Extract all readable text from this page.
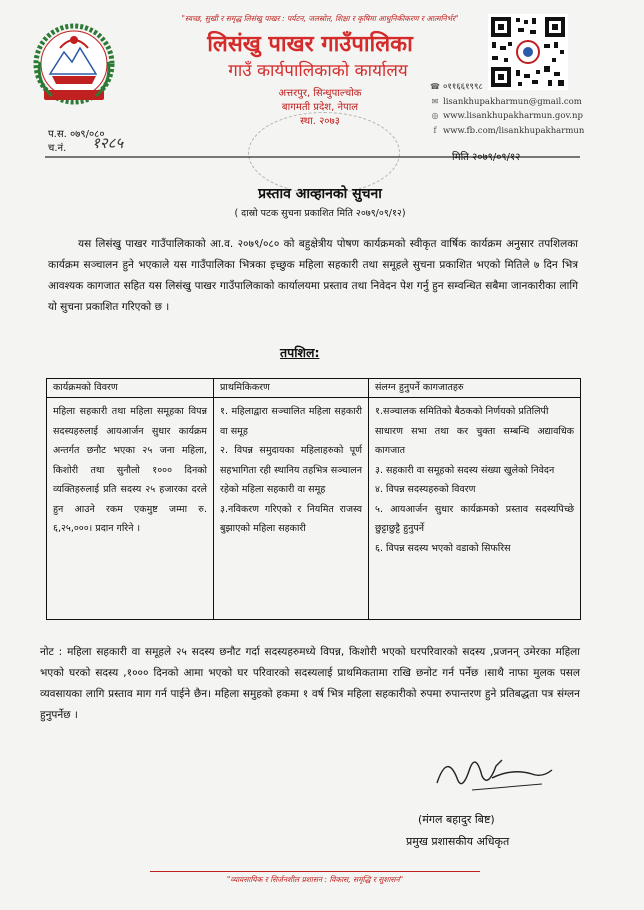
"स्वच्छ, सुखी र समृद्ध लिसंखु पाखर : पर्यटन, जलस्रोत, शिक्षा र कृषिमा आधुनिकीकरण र आत्मनिर्भर"
लिसंखु पाखर गाउँपालिका
गाउँ कार्यपालिकाको कार्यालय
अत्तरपुर, सिन्धुपाल्चोक
बागमती प्रदेश, नेपाल
स्था. २०७३
☎ ०११६६१९९८
✉ lisankhupakharmun@gmail.com
◎ www.lisankhupakharmun.gov.np
f www.fb.com/lisankhupakharmun
प.स. ०७९/०८०
च.नं. १२८५
मिति २०७९/०९/१२
प्रस्ताव आव्हानको सुचना
( दास्रो पटक सुचना प्रकाशित मिति २०७९/०९/१२)
यस लिसंखु पाखर गाउँपालिकाको आ.व. २०७९/०८० को बहुक्षेत्रीय पोषण कार्यक्रमको स्वीकृत वार्षिक कार्यक्रम अनुसार तपशिलका कार्यक्रम सञ्चालन हुने भएकाले यस गाउँपालिका भित्रका इच्छुक महिला सहकारी तथा समूहले सुचना प्रकाशित भएको मितिले ७ दिन भित्र आवश्यक कागजात सहित यस लिसंखु पाखर गाउँपालिकाको कार्यालयमा प्रस्ताव तथा निवेदन पेश गर्नु हुन सम्वन्धित सबैमा जानकारीका लागि यो सुचना प्रकाशित गरिएको छ ।
तपशिल:
कार्यक्रमको विवरण
महिला सहकारी तथा महिला समूहका विपन्न सदस्यहरुलाई आयआर्जन सुधार कार्यक्रम अन्तर्गत छनौट भएका २५ जना महिला, किशोरी तथा सुनौलो १००० दिनको व्यक्तिहरुलाई प्रति सदस्य २५ हजारका दरले हुन आउने रकम एकमुष्ट जम्मा रु. ६,२५,०००। प्रदान गरिने ।
प्राथमिकिकरण
१. महिलाद्वारा सञ्चालित महिला सहकारी वा समूह
२. विपन्न समुदायका महिलाहरुको पूर्ण सहभागिता रही स्थानिय तहभित्र सञ्चालन रहेको महिला सहकारी वा समूह
३.नविकरण गरिएको र नियमित राजस्व बुझाएको महिला सहकारी
संलग्न हुनुपर्ने कागजातहरु
१.सञ्चालक समितिको बैठकको निर्णयको प्रतिलिपी
साधारण सभा तथा कर चुक्ता सम्बन्धि अद्यावधिक कागजात
३. सहकारी वा समूहको सदस्य संख्या खुलेको निवेदन
४. विपन्न सदस्यहरुको विवरण
५. आयआर्जन सुधार कार्यक्रमको प्रस्ताव सदस्यपिच्छे छुट्टाछुट्टै हुनुपर्ने
६. विपन्न सदस्य भएको वडाको सिफरिस
नोट : महिला सहकारी वा समूहले २५ सदस्य छनौट गर्दा सदस्यहरुमध्ये विपन्न, किशोरी भएको घरपरिवारको सदस्य ,प्रजनन् उमेरका महिला भएको घरको सदस्य ,१००० दिनको आमा भएको घर परिवारको सदस्यलाई प्राथमिकतामा राखि छनोट गर्न पर्नेछ ।साथै नाफा मुलक पसल व्यवसायका लागि प्रस्ताव माग गर्न पाईने छैन। महिला समुहको हकमा १ वर्ष भित्र महिला सहकारीको रुपमा रुपान्तरण हुने प्रतिबद्धता पत्र संग्लन हुनुपर्नेछ ।
(मंगल बहादुर बिष्ट)
प्रमुख प्रशासकीय अधिकृत
"व्यावसायिक र सिर्जनशील प्रशासन : विकास, समृद्धि र सुशासन"
